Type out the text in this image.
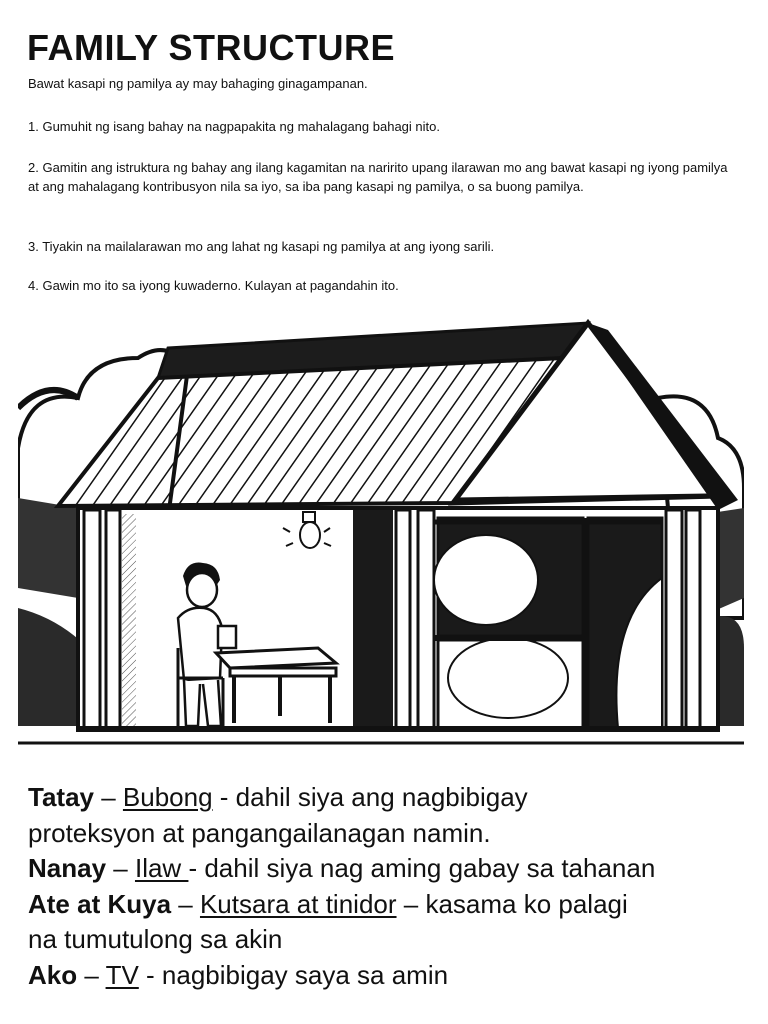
FAMILY STRUCTURE
Bawat kasapi ng pamilya ay may bahaging ginagampanan.
1. Gumuhit ng isang bahay na nagpapakita ng mahalagang bahagi nito.
2. Gamitin ang istruktura ng bahay ang ilang kagamitan na naririto upang ilarawan mo ang bawat kasapi ng iyong pamilya at ang mahalagang kontribusyon nila sa iyo, sa iba pang kasapi ng pamilya, o sa buong pamilya.
3. Tiyakin na mailalarawan mo ang lahat ng kasapi ng pamilya at ang iyong sarili.
4. Gawin mo ito sa iyong kuwaderno. Kulayan at pagandahin ito.
Tatay – Bubong - dahil siya ang nagbibigay
proteksyon at pangangailanagan namin.
Nanay – Ilaw - dahil siya nag aming gabay sa tahanan
Ate at Kuya – Kutsara at tinidor – kasama ko palagi
na tumutulong sa akin
Ako – TV - nagbibigay saya sa amin
